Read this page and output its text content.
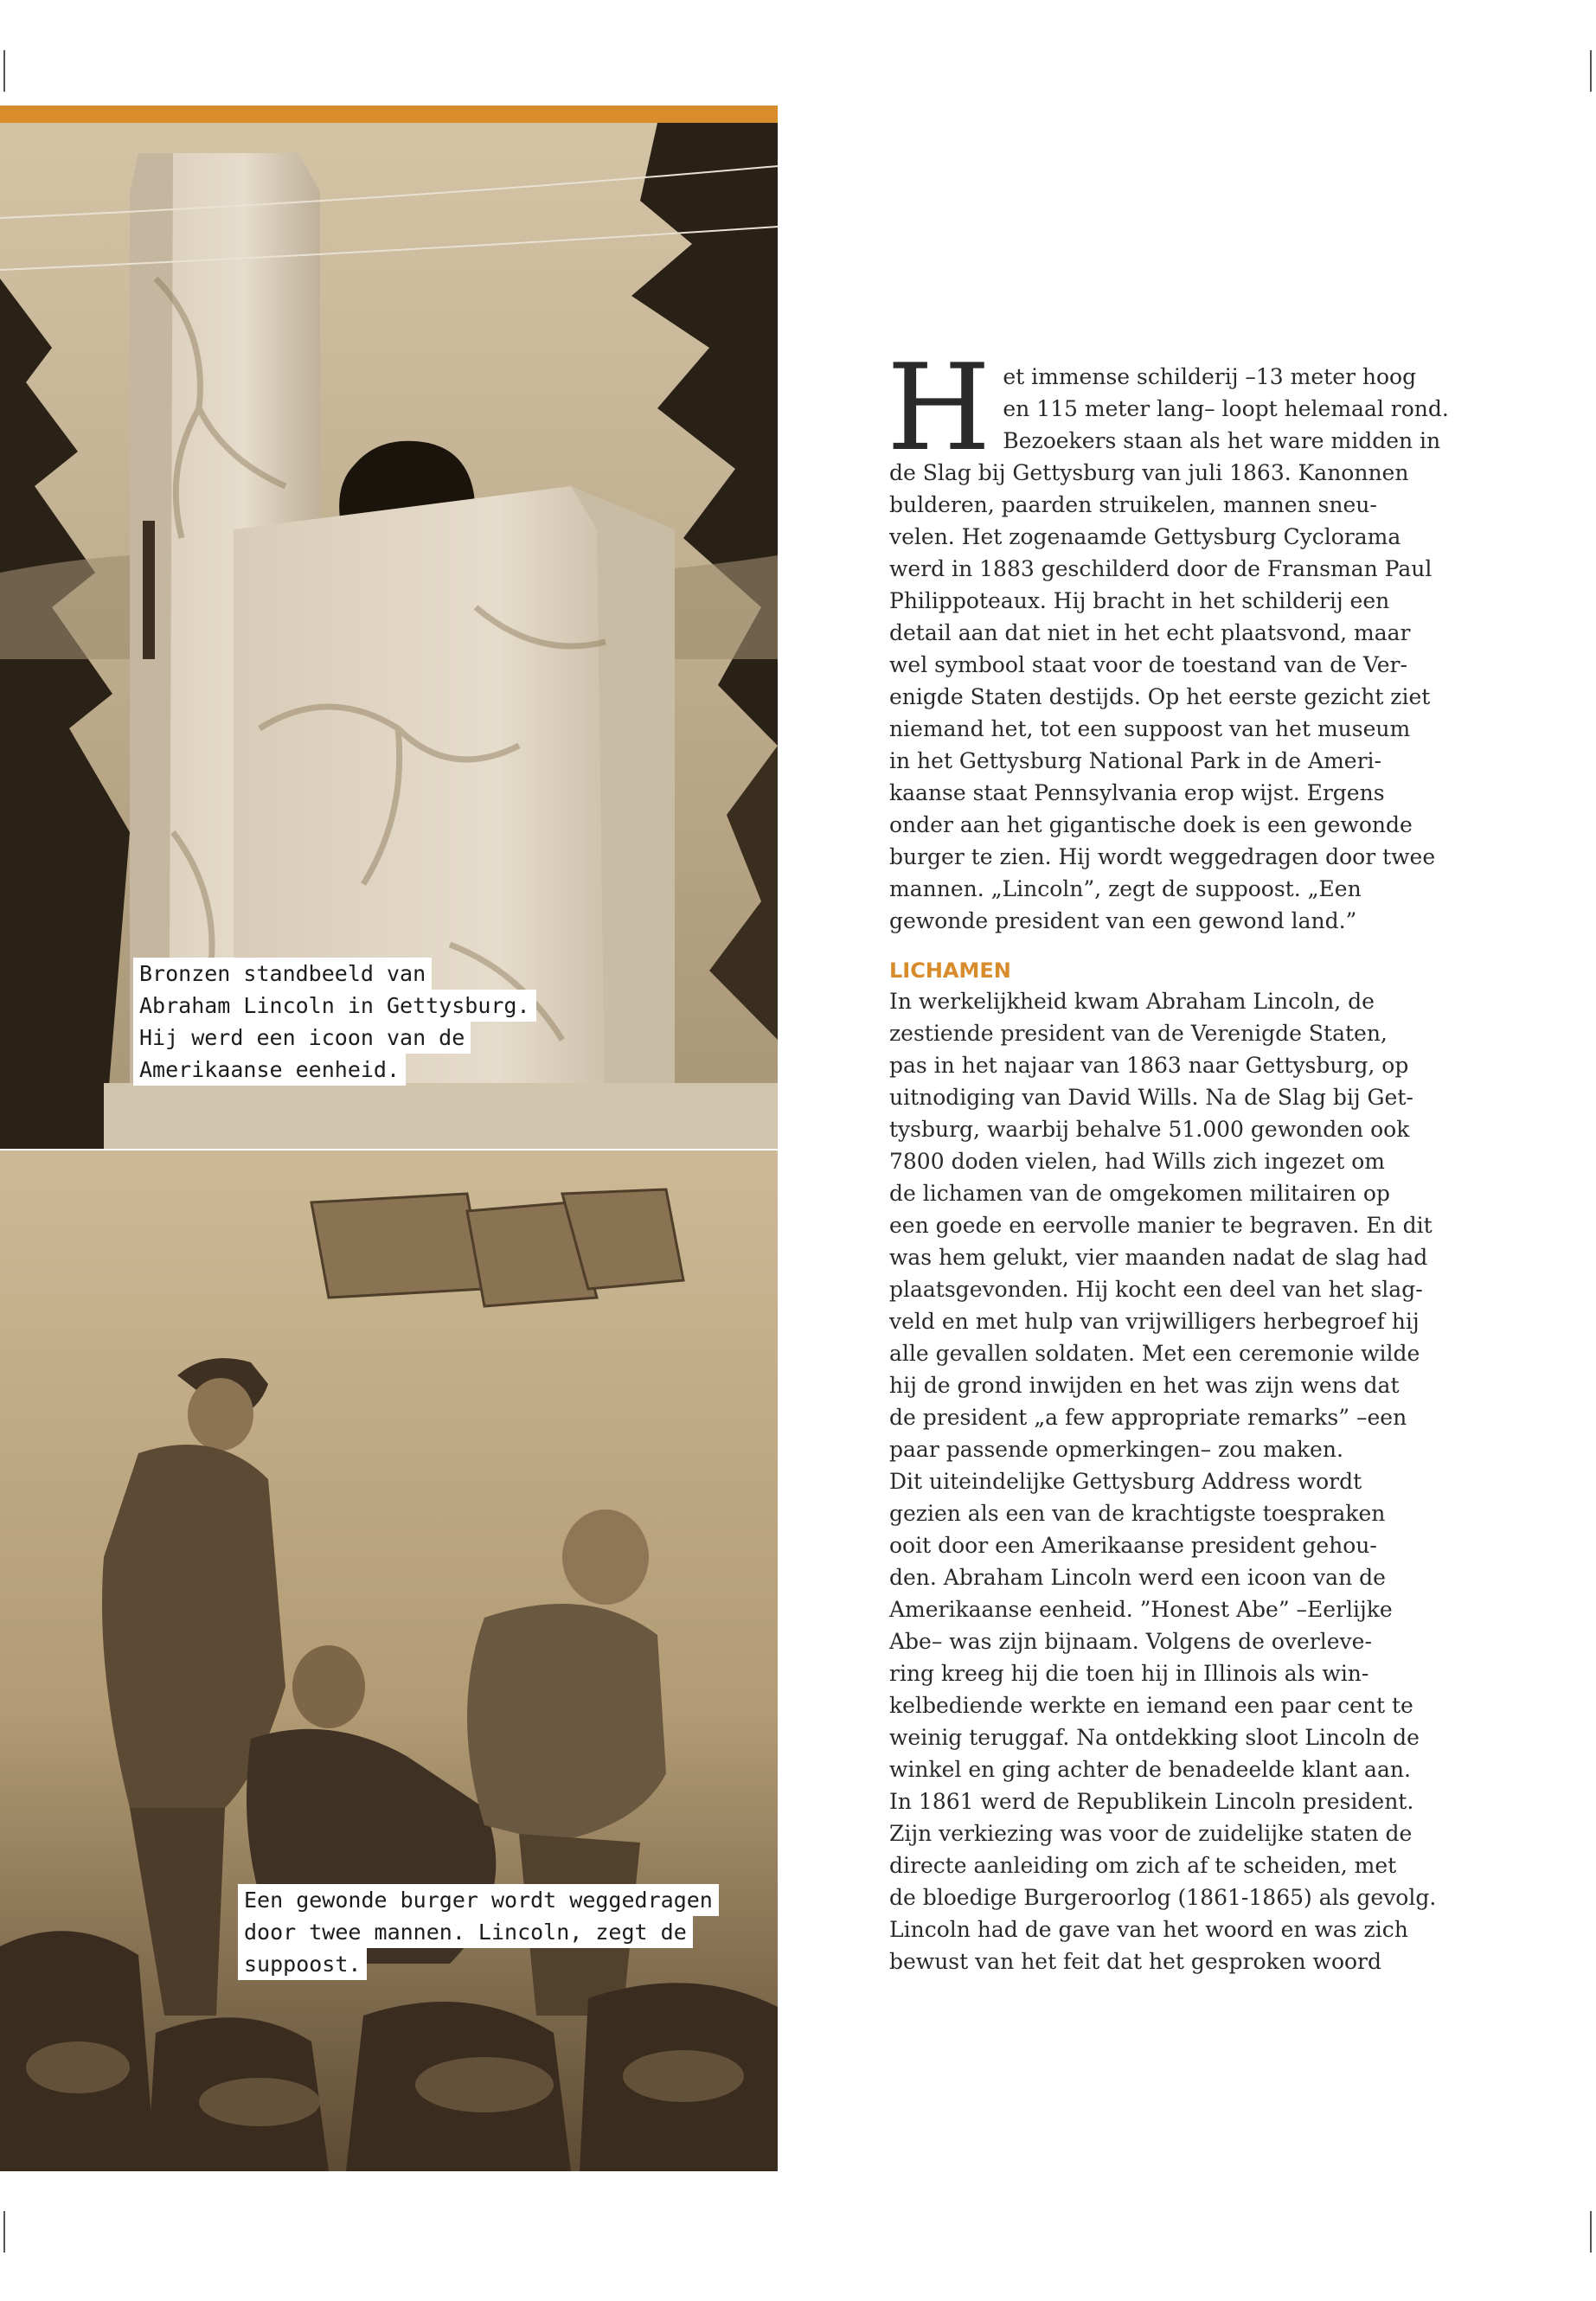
Bronzen standbeeld van
Abraham Lincoln in Gettysburg.
Hij werd een icoon van de
Amerikaanse eenheid.
Een gewonde burger wordt weggedragen
door twee mannen. Lincoln, zegt de
suppoost.
H et immense schilderij –13 meter hoog
en 115 meter lang– loopt helemaal rond.
Bezoekers staan als het ware midden in
de Slag bij Gettysburg van juli 1863. Kanonnen
bulderen, paarden struikelen, mannen sneu-
velen. Het zogenaamde Gettysburg Cyclorama
werd in 1883 geschilderd door de Fransman Paul
Philippoteaux. Hij bracht in het schilderij een
detail aan dat niet in het echt plaatsvond, maar
wel symbool staat voor de toestand van de Ver-
enigde Staten destijds. Op het eerste gezicht ziet
niemand het, tot een suppoost van het museum
in het Gettysburg National Park in de Ameri-
kaanse staat Pennsylvania erop wijst. Ergens
onder aan het gigantische doek is een gewonde
burger te zien. Hij wordt weggedragen door twee
mannen. „Lincoln”, zegt de suppoost. „Een
gewonde president van een gewond land.”
LICHAMEN
In werkelijkheid kwam Abraham Lincoln, de
zestiende president van de Verenigde Staten,
pas in het najaar van 1863 naar Gettysburg, op
uitnodiging van David Wills. Na de Slag bij Get-
tysburg, waarbij behalve 51.000 gewonden ook
7800 doden vielen, had Wills zich ingezet om
de lichamen van de omgekomen militairen op
een goede en eervolle manier te begraven. En dit
was hem gelukt, vier maanden nadat de slag had
plaatsgevonden. Hij kocht een deel van het slag-
veld en met hulp van vrijwilligers herbegroef hij
alle gevallen soldaten. Met een ceremonie wilde
hij de grond inwijden en het was zijn wens dat
de president „a few appropriate remarks” –een
paar passende opmerkingen– zou maken.
Dit uiteindelijke Gettysburg Address wordt
gezien als een van de krachtigste toespraken
ooit door een Amerikaanse president gehou-
den. Abraham Lincoln werd een icoon van de
Amerikaanse eenheid. ”Honest Abe” –Eerlijke
Abe– was zijn bijnaam. Volgens de overleve-
ring kreeg hij die toen hij in Illinois als win-
kelbediende werkte en iemand een paar cent te
weinig teruggaf. Na ontdekking sloot Lincoln de
winkel en ging achter de benadeelde klant aan.
In 1861 werd de Republikein Lincoln president.
Zijn verkiezing was voor de zuidelijke staten de
directe aanleiding om zich af te scheiden, met
de bloedige Burgeroorlog (1861-1865) als gevolg.
Lincoln had de gave van het woord en was zich
bewust van het feit dat het gesproken woord
